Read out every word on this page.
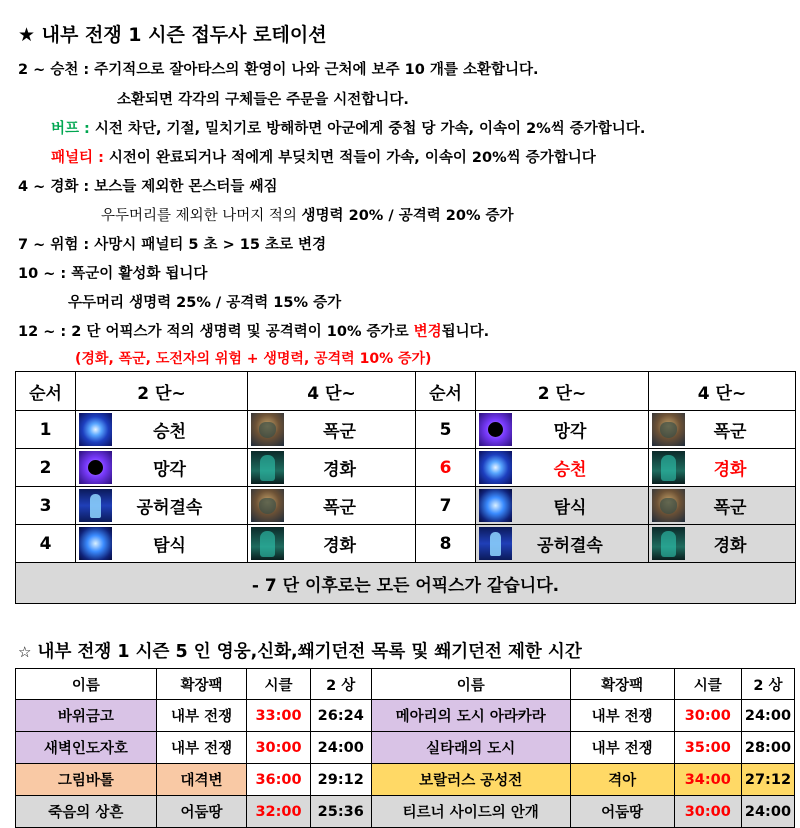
★ 내부 전쟁 1 시즌 접두사 로테이션
2 ~ 승천 : 주기적으로 잘아타스의 환영이 나와 근처에 보주 10 개를 소환합니다.
소환되면 각각의 구체들은 주문을 시전합니다.
버프 : 시전 차단, 기절, 밀치기로 방해하면 아군에게 중첩 당 가속, 이속이 2%씩 증가합니다.
패널티 : 시전이 완료되거나 적에게 부딪치면 적들이 가속, 이속이 20%씩 증가합니다
4 ~ 경화 : 보스들 제외한 몬스터들 쌔짐
우두머리를 제외한 나머지 적의 생명력 20% / 공격력 20% 증가
7 ~ 위험 : 사망시 패널티 5 초 > 15 초로 변경
10 ~ : 폭군이 활성화 됩니다
우두머리 생명력 25% / 공격력 15% 증가
12 ~ : 2 단 어픽스가 적의 생명력 및 공격력이 10% 증가로 변경됩니다.
(경화, 폭군, 도전자의 위험 + 생명력, 공격력 10% 증가)
순서	2 단~	4 단~	순서	2 단~	4 단~
1	승천	폭군	5	망각	폭군

2	망각	경화	6	승천	경화

3	공허결속	폭군	7	탐식	폭군

4	탐식	경화	8	공허결속	경화

- 7 단 이후로는 모든 어픽스가 같습니다.					
☆ 내부 전쟁 1 시즌 5 인 영웅,신화,쐐기던전 목록 및 쐐기던전 제한 시간
이름	확장팩	시클	2 상	이름	확장팩	시클	2 상
바위금고	내부 전쟁	33:00	26:24	메아리의 도시 아라카라	내부 전쟁	30:00	24:00
새벽인도자호	내부 전쟁	30:00	24:00	실타래의 도시	내부 전쟁	35:00	28:00
그림바톨	대격변	36:00	29:12	보랄러스 공성전	격아	34:00	27:12
죽음의 상흔	어둠땅	32:00	25:36	티르너 사이드의 안개	어둠땅	30:00	24:00
